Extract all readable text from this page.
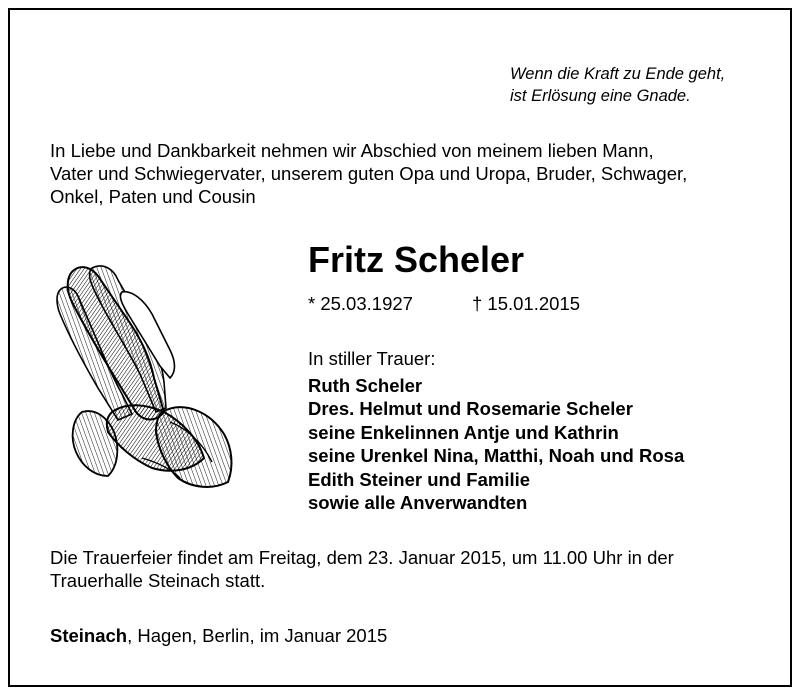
Wenn die Kraft zu Ende geht,
ist Erlösung eine Gnade.
In Liebe und Dankbarkeit nehmen wir Abschied von meinem lieben Mann,
Vater und Schwiegervater, unserem guten Opa und Uropa, Bruder, Schwager,
Onkel, Paten und Cousin
Fritz Scheler
* 25.03.1927	† 15.01.2015
In stiller Trauer:
Ruth Scheler
Dres. Helmut und Rosemarie Scheler
seine Enkelinnen Antje und Kathrin
seine Urenkel Nina, Matthi, Noah und Rosa
Edith Steiner und Familie
sowie alle Anverwandten
Die Trauerfeier findet am Freitag, dem 23. Januar 2015, um 11.00 Uhr in der
Trauerhalle Steinach statt.
Steinach, Hagen, Berlin, im Januar 2015
